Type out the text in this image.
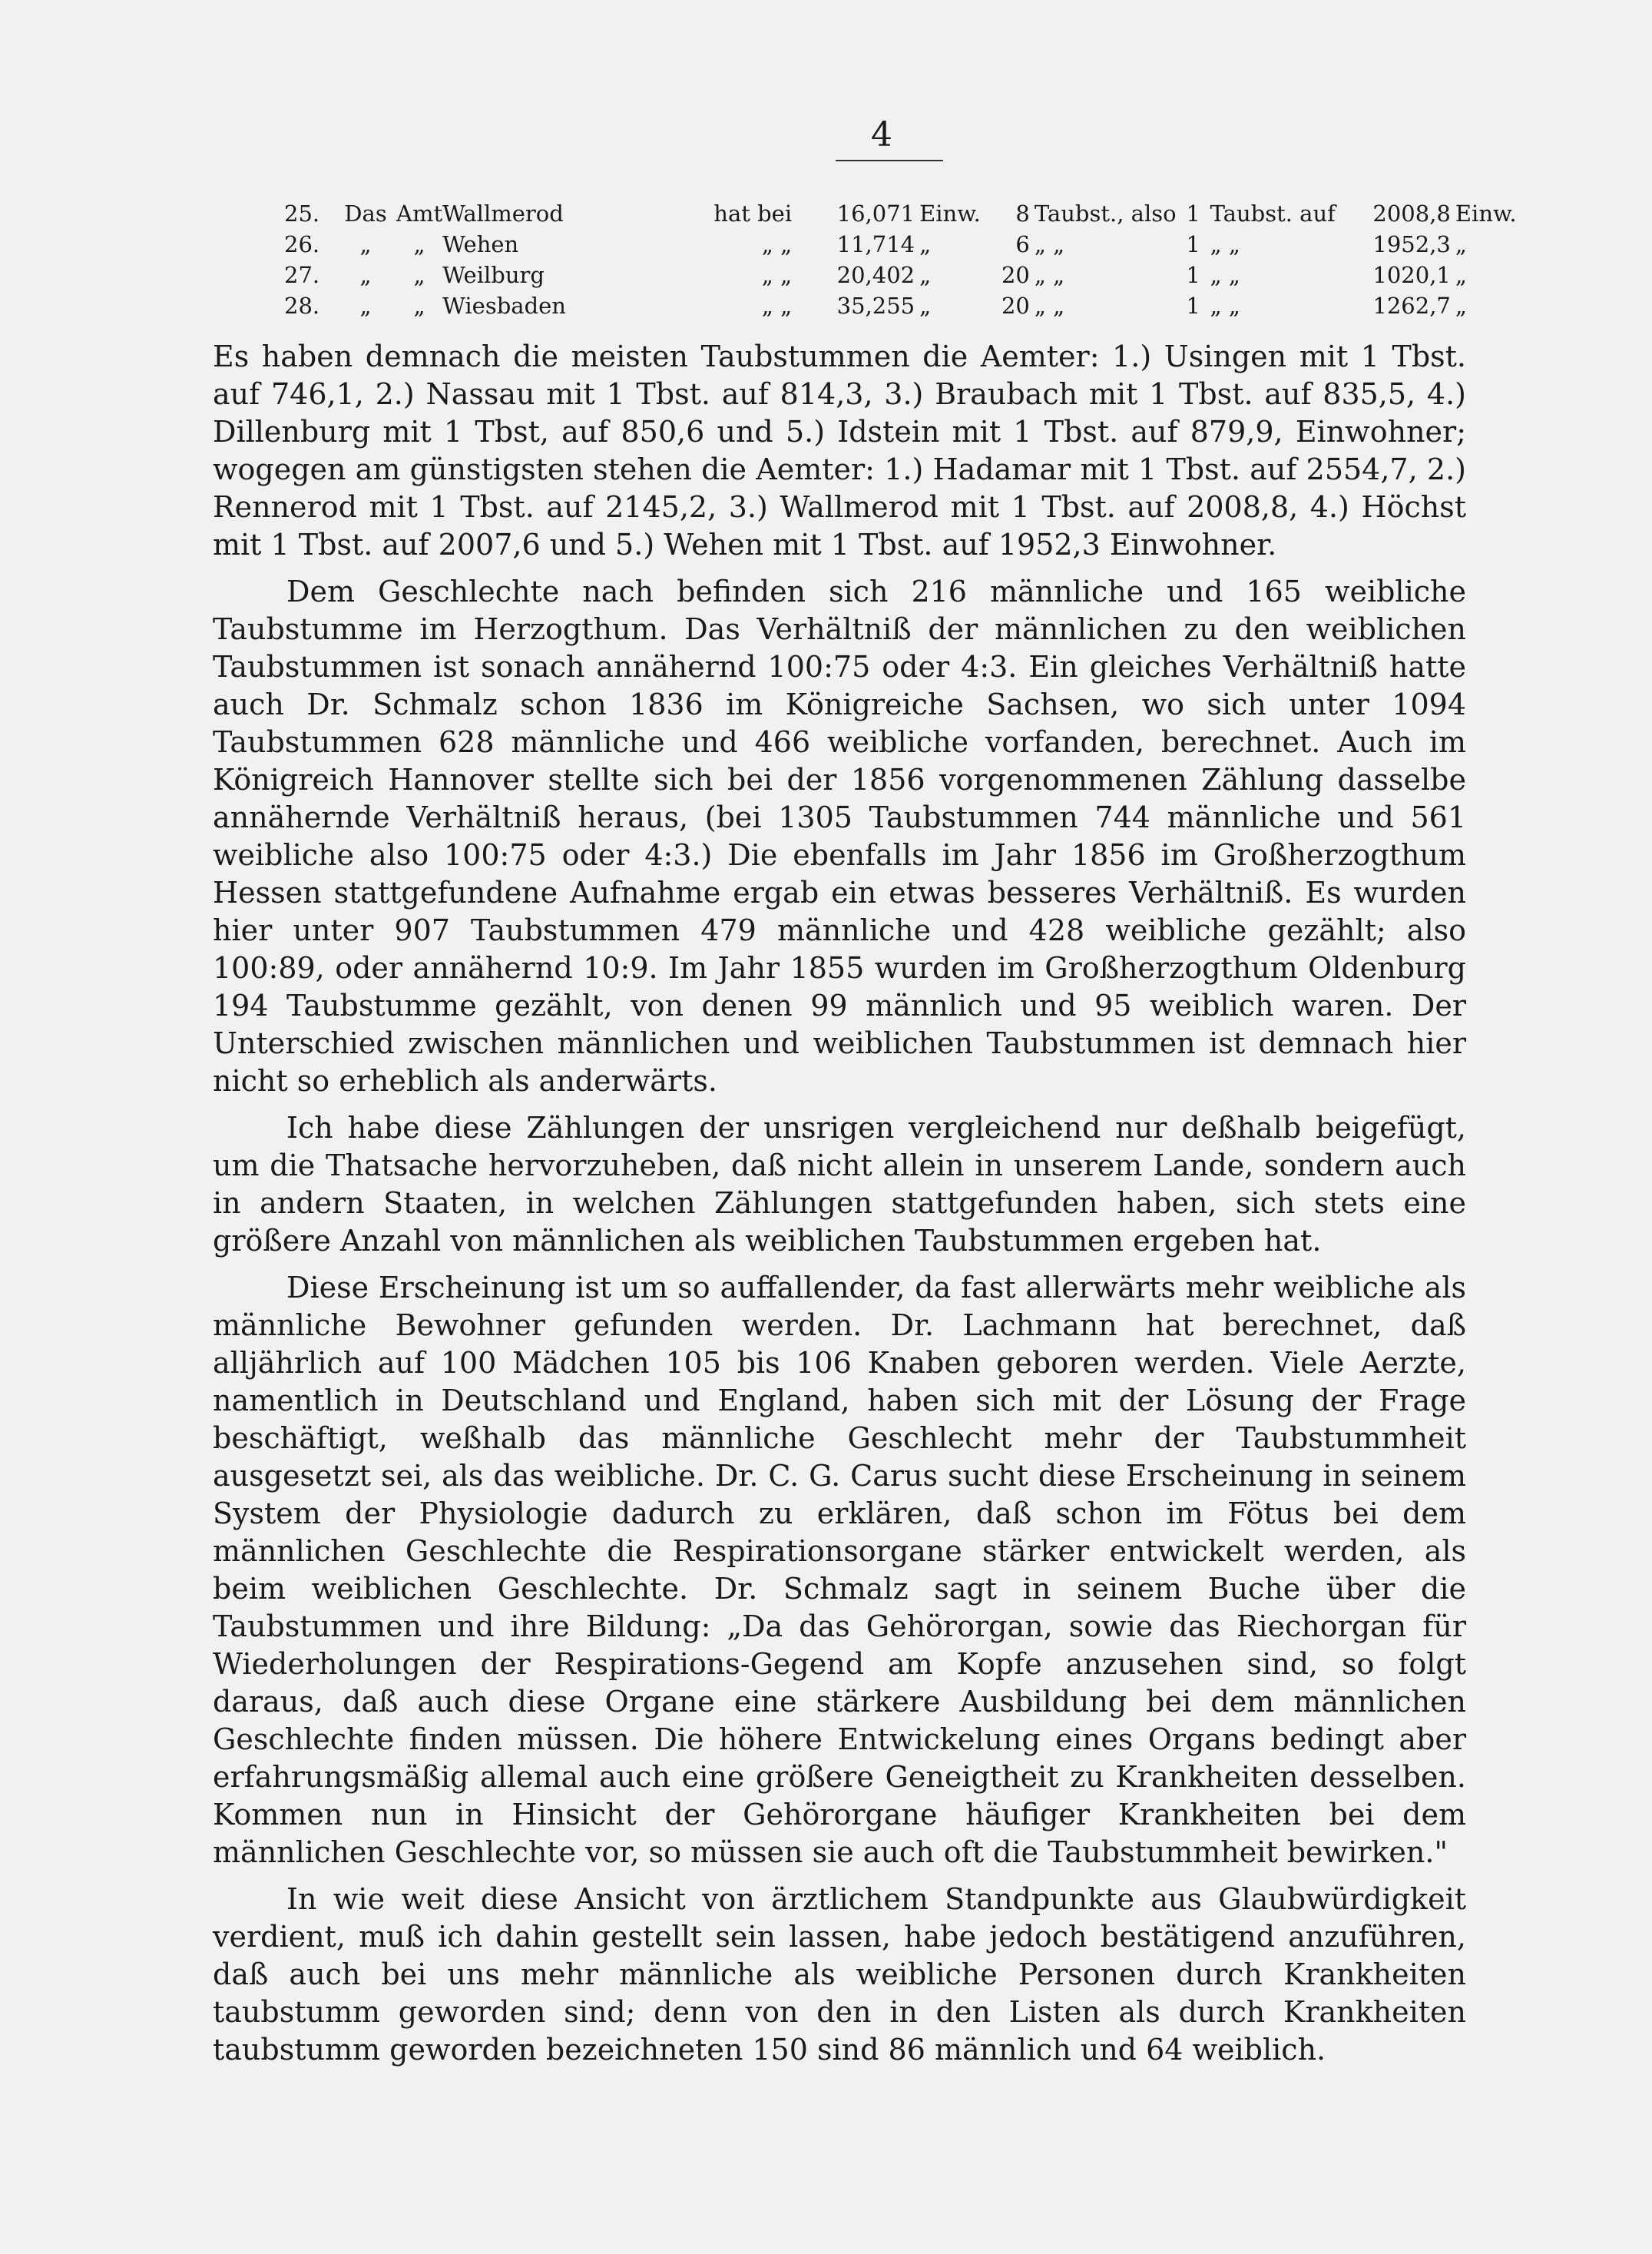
4
25.	Das	Amt	Wallmerod	hat bei	16,071	Einw.	8	Taubst., also	1	Taubst. auf	2008,8	Einw.
26.	„	„	Wehen	„ „	11,714	„	6	„ „	1	„ „	1952,3	„
27.	„	„	Weilburg	„ „	20,402	„	20	„ „	1	„ „	1020,1	„
28.	„	„	Wiesbaden	„ „	35,255	„	20	„ „	1	„ „	1262,7	„

Es haben demnach die meisten Taubstummen die Aemter: 1.) Usingen mit 1 Tbst. auf 746,1, 2.) Nassau mit 1 Tbst. auf 814,3, 3.) Braubach mit 1 Tbst. auf 835,5, 4.) Dillenburg mit 1 Tbst, auf 850,6 und 5.) Idstein mit 1 Tbst. auf 879,9, Einwohner; wogegen am günstigsten stehen die Aemter: 1.) Hadamar mit 1 Tbst. auf 2554,7, 2.) Rennerod mit 1 Tbst. auf 2145,2, 3.) Wallmerod mit 1 Tbst. auf 2008,8, 4.) Höchst mit 1 Tbst. auf 2007,6 und 5.) Wehen mit 1 Tbst. auf 1952,3 Einwohner.

Dem Geschlechte nach befinden sich 216 männliche und 165 weibliche Taubstumme im Herzogthum. Das Verhältniß der männlichen zu den weiblichen Taubstummen ist sonach annähernd 100:75 oder 4:3. Ein gleiches Verhältniß hatte auch Dr. Schmalz schon 1836 im Königreiche Sachsen, wo sich unter 1094 Taubstummen 628 männliche und 466 weibliche vorfanden, berechnet. Auch im Königreich Hannover stellte sich bei der 1856 vorgenommenen Zählung dasselbe annähernde Verhältniß heraus, (bei 1305 Taubstummen 744 männliche und 561 weibliche also 100:75 oder 4:3.) Die ebenfalls im Jahr 1856 im Großherzogthum Hessen stattgefundene Aufnahme ergab ein etwas besseres Verhältniß. Es wurden hier unter 907 Taubstummen 479 männliche und 428 weibliche gezählt; also 100:89, oder annähernd 10:9. Im Jahr 1855 wurden im Großherzogthum Oldenburg 194 Taubstumme gezählt, von denen 99 männlich und 95 weiblich waren. Der Unterschied zwischen männlichen und weiblichen Taubstummen ist demnach hier nicht so erheblich als anderwärts.

Ich habe diese Zählungen der unsrigen vergleichend nur deßhalb beigefügt, um die Thatsache hervorzuheben, daß nicht allein in unserem Lande, sondern auch in andern Staaten, in welchen Zählungen stattgefunden haben, sich stets eine größere Anzahl von männlichen als weiblichen Taubstummen ergeben hat.

Diese Erscheinung ist um so auffallender, da fast allerwärts mehr weibliche als männliche Bewohner gefunden werden. Dr. Lachmann hat berechnet, daß alljährlich auf 100 Mädchen 105 bis 106 Knaben geboren werden. Viele Aerzte, namentlich in Deutschland und England, haben sich mit der Lösung der Frage beschäftigt, weßhalb das männliche Geschlecht mehr der Taubstummheit ausgesetzt sei, als das weibliche. Dr. C. G. Carus sucht diese Erscheinung in seinem System der Physiologie dadurch zu erklären, daß schon im Fötus bei dem männlichen Geschlechte die Respirationsorgane stärker entwickelt werden, als beim weiblichen Geschlechte. Dr. Schmalz sagt in seinem Buche über die Taubstummen und ihre Bildung: „Da das Gehörorgan, sowie das Riechorgan für Wiederholungen der Respirations-Gegend am Kopfe anzusehen sind, so folgt daraus, daß auch diese Organe eine stärkere Ausbildung bei dem männlichen Geschlechte finden müssen. Die höhere Entwickelung eines Organs bedingt aber erfahrungsmäßig allemal auch eine größere Geneigtheit zu Krankheiten desselben. Kommen nun in Hinsicht der Gehörorgane häufiger Krankheiten bei dem männlichen Geschlechte vor, so müssen sie auch oft die Taubstummheit bewirken."

In wie weit diese Ansicht von ärztlichem Standpunkte aus Glaubwürdigkeit verdient, muß ich dahin gestellt sein lassen, habe jedoch bestätigend anzuführen, daß auch bei uns mehr männliche als weibliche Personen durch Krankheiten taubstumm geworden sind; denn von den in den Listen als durch Krankheiten taubstumm geworden bezeichneten 150 sind 86 männlich und 64 weiblich.
